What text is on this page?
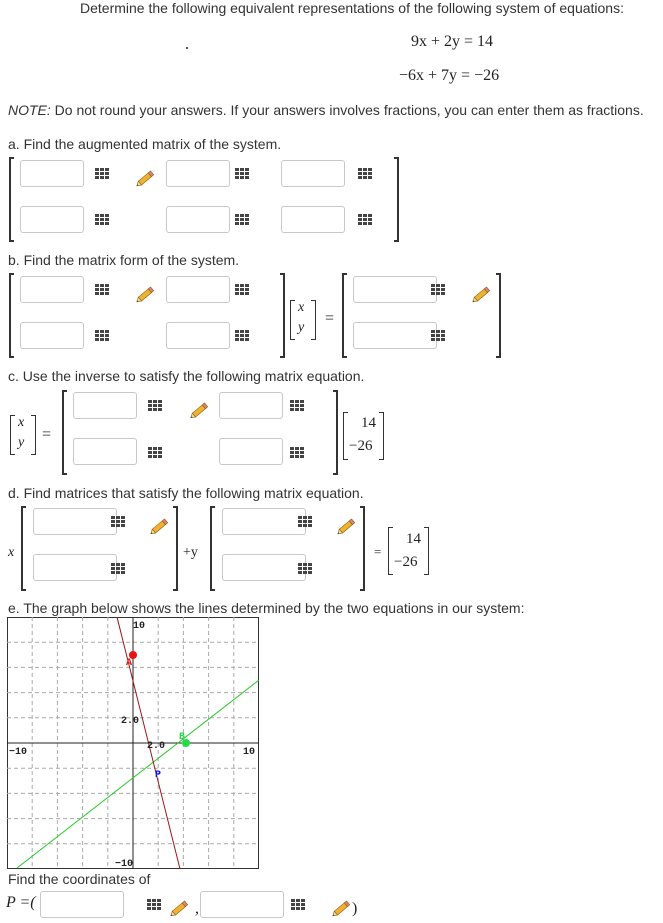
Determine the following equivalent representations of the following system of equations:
9x + 2y = 14
−6x + 7y = −26
NOTE: Do not round your answers. If your answers involves fractions, you can enter them as fractions.
a. Find the augmented matrix of the system.
b. Find the matrix form of the system.
x
y
=
c. Use the inverse to satisfy the following matrix equation.
x
y =
14
−26
d. Find matrices that satisfy the following matrix equation.
x	+y	=
14
−26
e. The graph below shows the lines determined by the two equations in our system:
A
B
P
10
−10
−10	10
2.0
2.0
Find the coordinates of
P =(	,	)
